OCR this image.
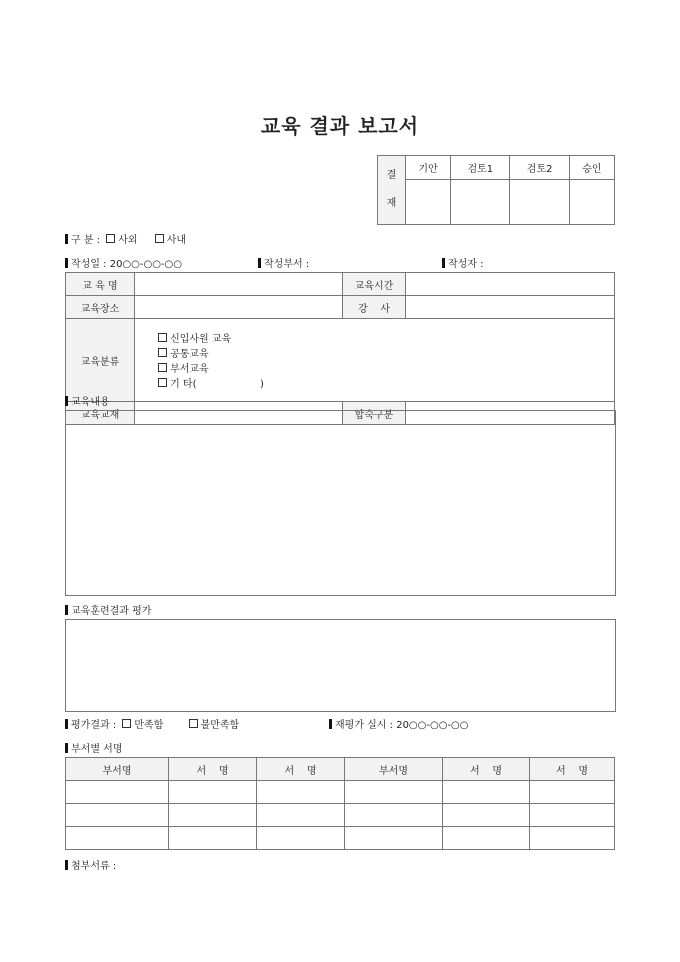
교육 결과 보고서
결
재	기안	검토1	검토2	승인

구 분 : 사외	사내
작성일 : 20○○-○○-○○	작성부서 :	작성자 :
교 육 명		교육시간	
교육장소		강    사	
교육분류	신입사원 교육
공통교육
부서교육
기 타(                    )		

교육교재		합숙구분	
교육내용
교육훈련결과 평가
평가결과 : 만족함	불만족함	재평가 실시 : 20○○-○○-○○
부서별 서명
부서명	서    명	서    명	부서명	서    명	서    명

첨부서류 :
